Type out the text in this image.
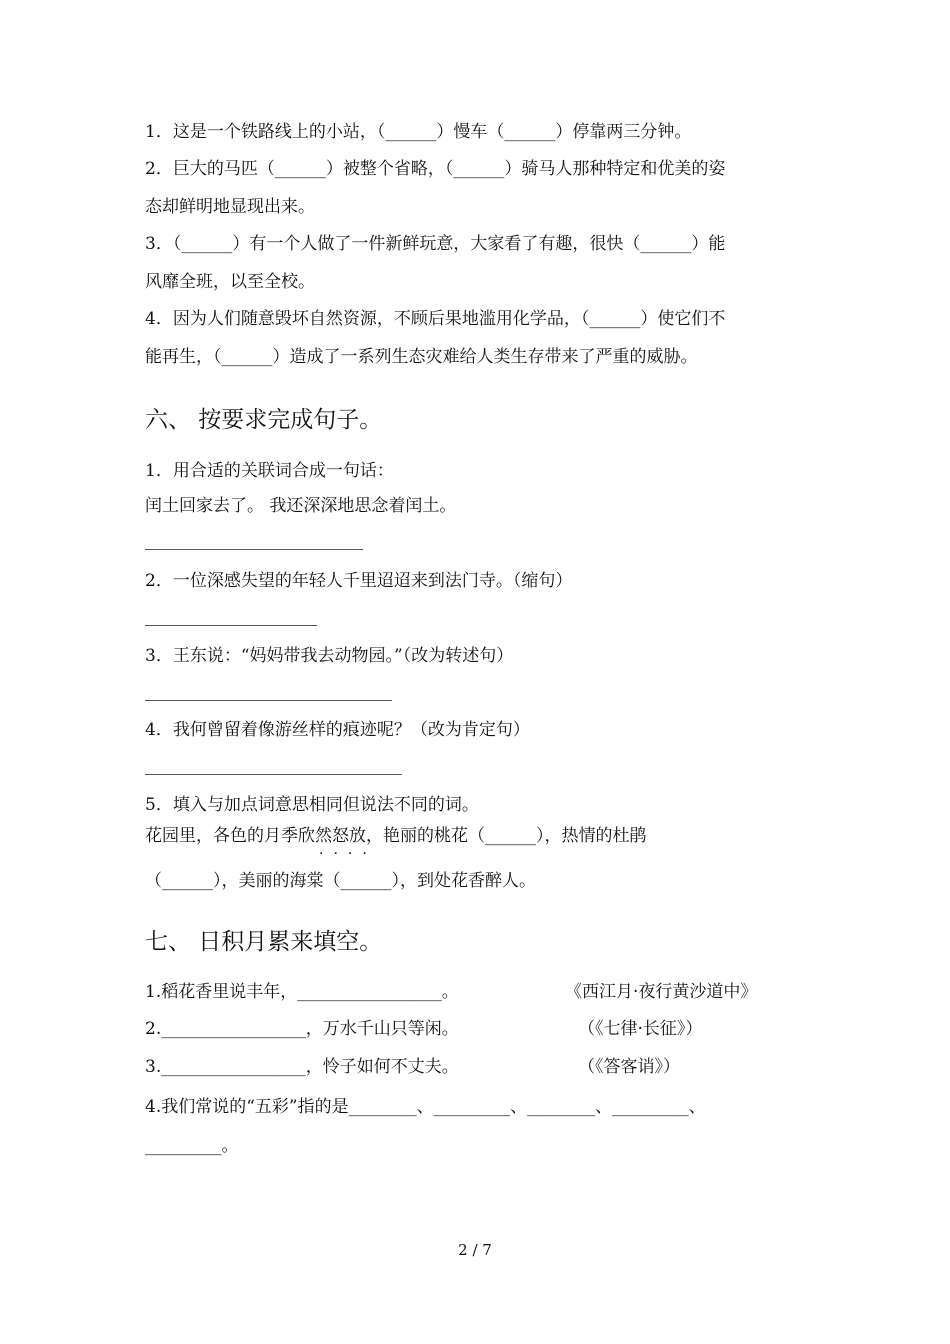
1．这是一个铁路线上的小站，（______）慢车（______）停靠两三分钟。
2．巨大的马匹（______）被整个省略，（______）骑马人那种特定和优美的姿
态却鲜明地显现出来。
3．（______）有一个人做了一件新鲜玩意，大家看了有趣，很快（______）能
风靡全班，以至全校。
4．因为人们随意毁坏自然资源，不顾后果地滥用化学品，（______）使它们不
能再生，（______）造成了一系列生态灾难给人类生存带来了严重的威胁。
六、 按要求完成句子。
1．用合适的关联词合成一句话：
闰土回家去了。 我还深深地思念着闰土。
2．一位深感失望的年轻人千里迢迢来到法门寺。（缩句）
3．王东说：“妈妈带我去动物园。”（改为转述句）
4．我何曾留着像游丝样的痕迹呢？（改为肯定句）
5．填入与加点词意思相同但说法不同的词。
花园里，各色的月季欣然怒放，艳丽的桃花（______），热情的杜鹃
····
（______），美丽的海棠（______），到处花香醉人。
七、 日积月累来填空。
1.稻花香里说丰年，_________________。	《西江月·夜行黄沙道中》
2._________________，万水千山只等闲。	（《七律·长征》）
3._________________，怜子如何不丈夫。	（《答客诮》）
4.我们常说的“五彩”指的是________、_________、________、_________、
_________。
2 / 7
